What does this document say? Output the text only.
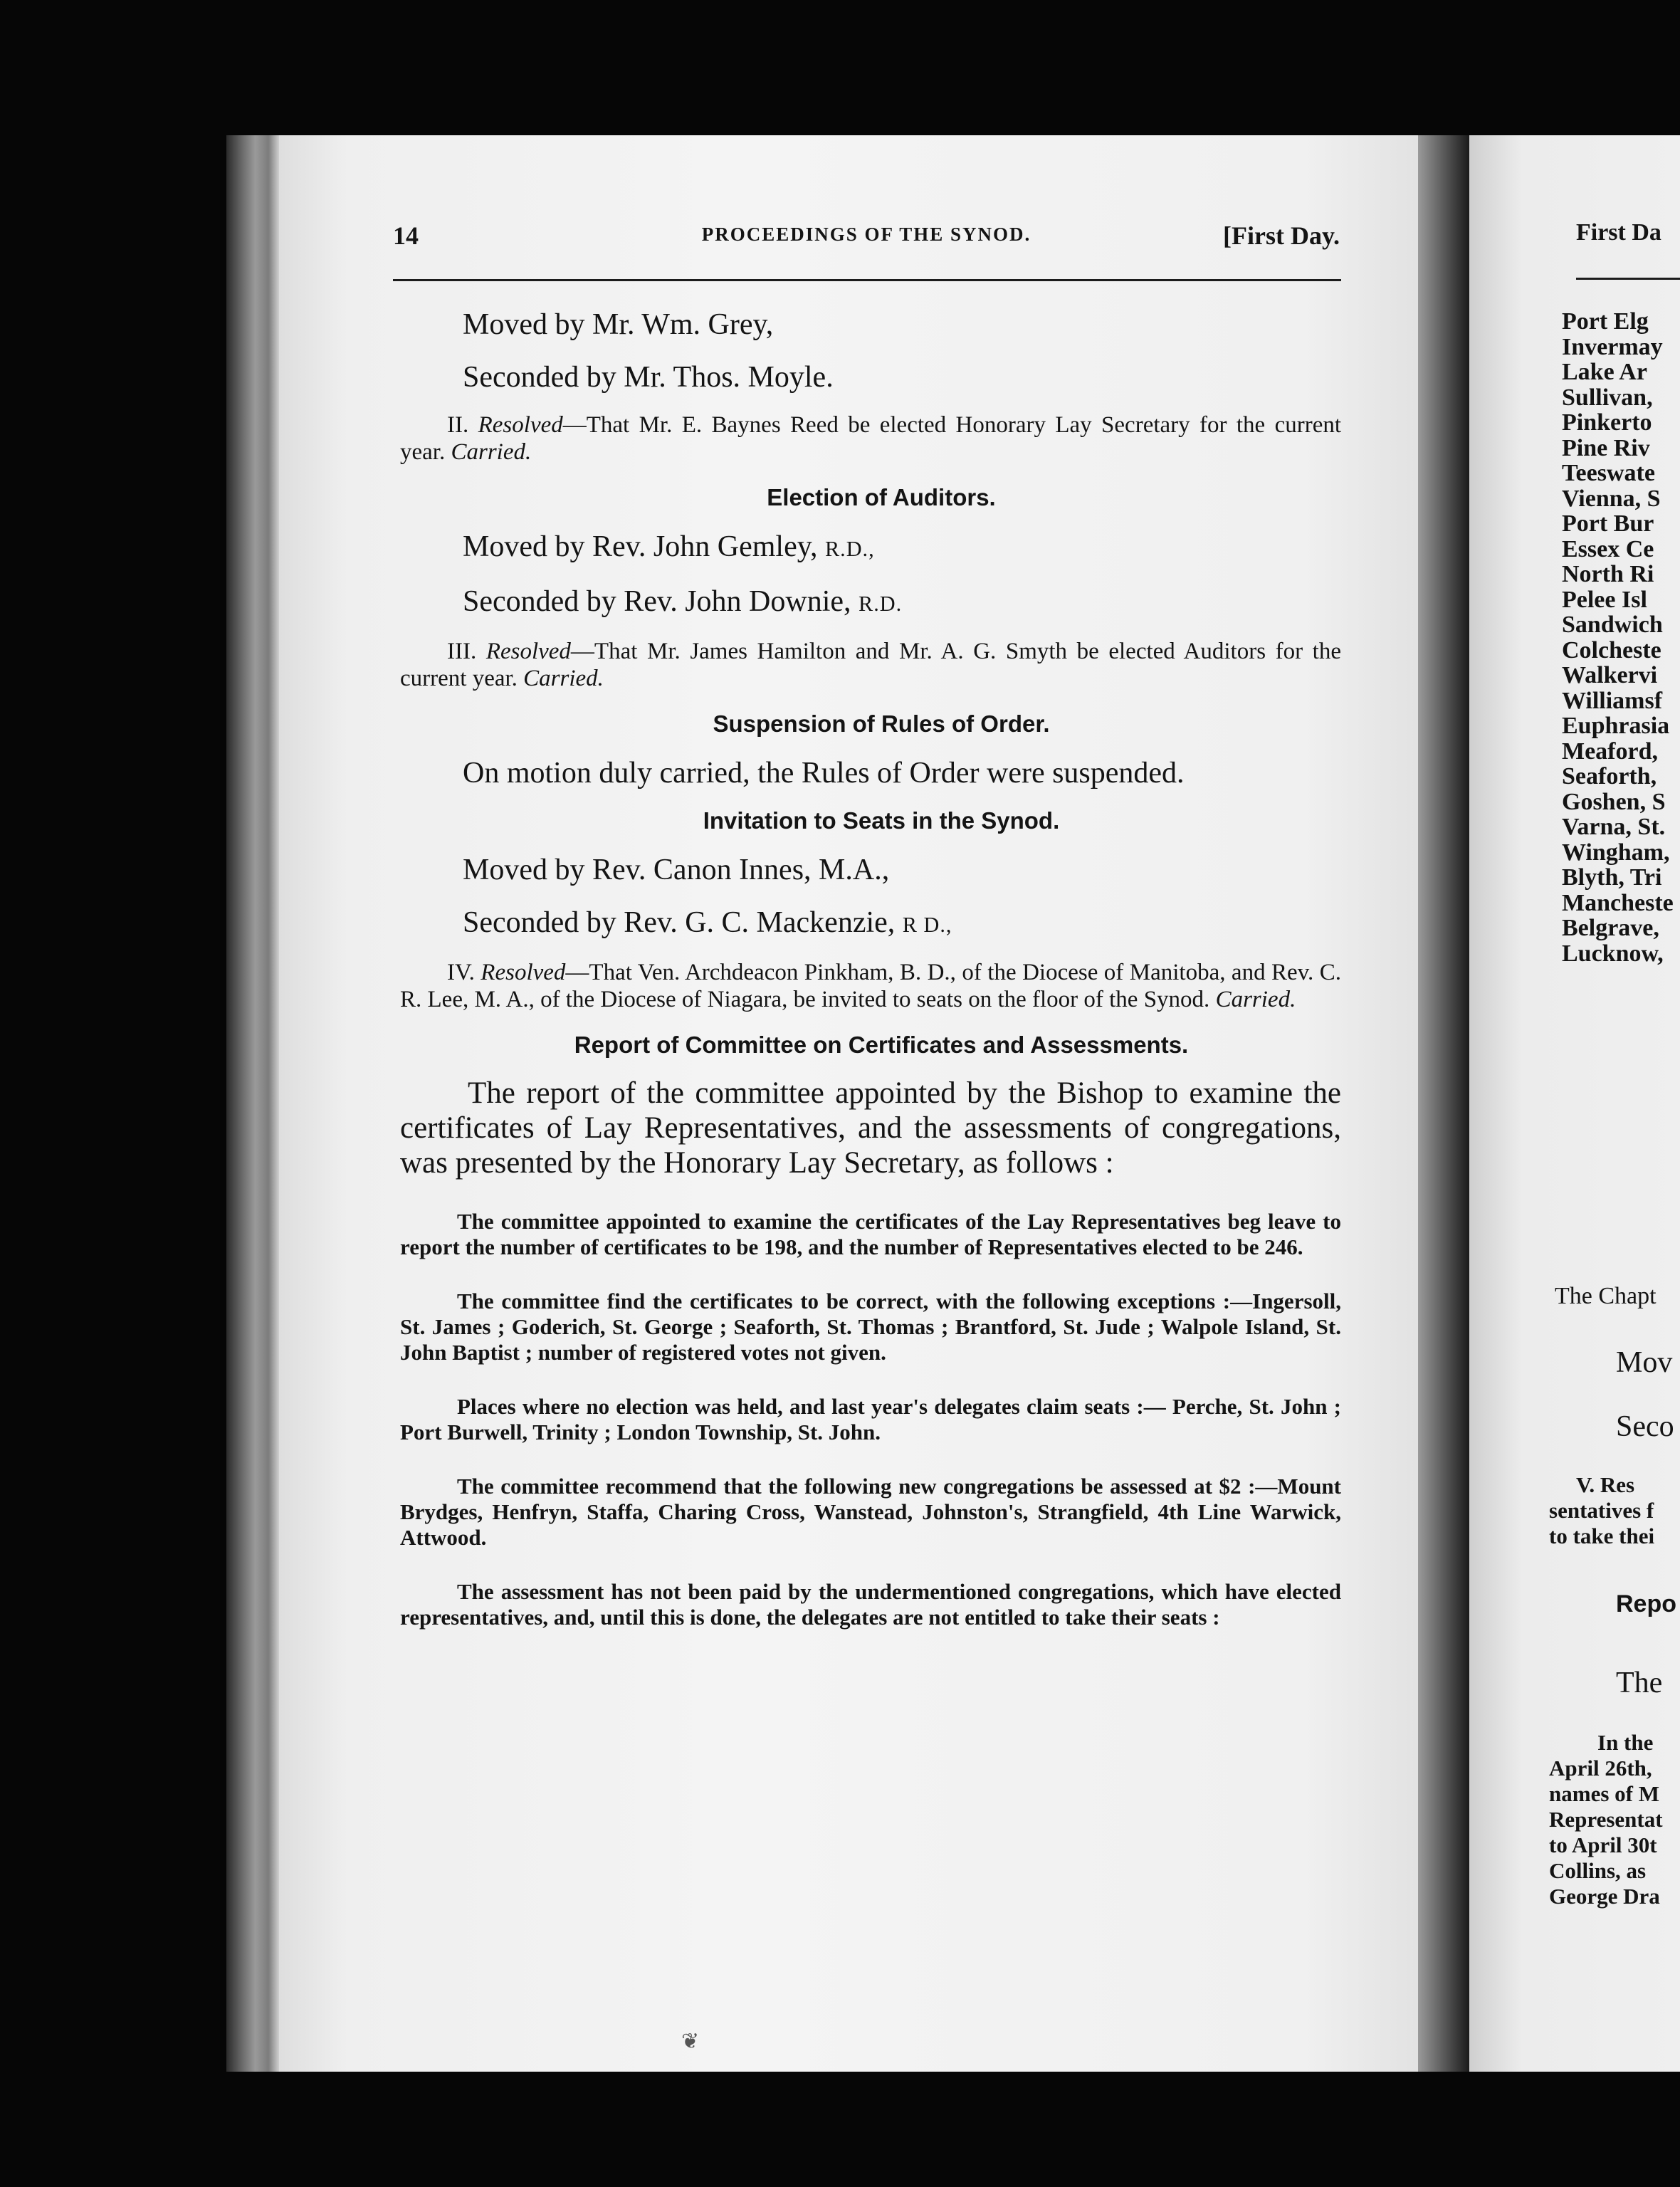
14	PROCEEDINGS OF THE SYNOD.	[First Day.

Moved by Mr. Wm. Grey,

Seconded by Mr. Thos. Moyle.

II. Resolved—That Mr. E. Baynes Reed be elected Honorary Lay Secretary for the current year. Carried.

Election of Auditors.

Moved by Rev. John Gemley, R.D.,

Seconded by Rev. John Downie, R.D.

III. Resolved—That Mr. James Hamilton and Mr. A. G. Smyth be elected Auditors for the current year. Carried.

Suspension of Rules of Order.

On motion duly carried, the Rules of Order were suspended.

Invitation to Seats in the Synod.

Moved by Rev. Canon Innes, M.A.,

Seconded by Rev. G. C. Mackenzie, R D.,

IV. Resolved—That Ven. Archdeacon Pinkham, B. D., of the Diocese of Manitoba, and Rev. C. R. Lee, M. A., of the Diocese of Niagara, be invited to seats on the floor of the Synod. Carried.

Report of Committee on Certificates and Assessments.

The report of the committee appointed by the Bishop to examine the certificates of Lay Representatives, and the assessments of congregations, was presented by the Honorary Lay Secretary, as follows :

The committee appointed to examine the certificates of the Lay Representatives beg leave to report the number of certificates to be 198, and the number of Representatives elected to be 246.

The committee find the certificates to be correct, with the following exceptions :—Ingersoll, St. James ; Goderich, St. George ; Seaforth, St. Thomas ; Brantford, St. Jude ; Walpole Island, St. John Baptist ; number of registered votes not given.

Places where no election was held, and last year's delegates claim seats :— Perche, St. John ; Port Burwell, Trinity ; London Township, St. John.

The committee recommend that the following new congregations be assessed at $2 :—Mount Brydges, Henfryn, Staffa, Charing Cross, Wanstead, Johnston's, Strangfield, 4th Line Warwick, Attwood.

The assessment has not been paid by the undermentioned congregations, which have elected representatives, and, until this is done, the delegates are not entitled to take their seats :

❦
First Da
Port Elg
Invermay
Lake Ar
Sullivan,
Pinkerto
Pine Riv
Teeswate
Vienna, S
Port Bur
Essex Ce
North Ri
Pelee Isl
Sandwich
Colcheste
Walkervi
Williamsf
Euphrasia
Meaford,
Seaforth,
Goshen, S
Varna, St.
Wingham,
Blyth, Tri
Mancheste
Belgrave,
Lucknow,
The Chapt
Mov
Seco
V. Res
sentatives f
to take thei
Repo
The
In the
April 26th,
names of M
Representat
to April 30t
Collins, as
George Dra
